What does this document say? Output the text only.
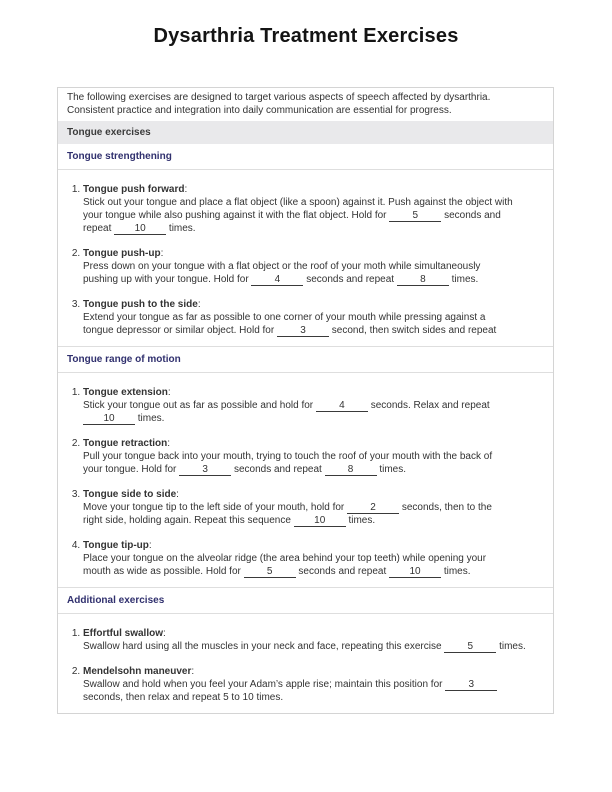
Dysarthria Treatment Exercises
The following exercises are designed to target various aspects of speech affected by dysarthria.
Consistent practice and integration into daily communication are essential for progress.
Tongue exercises
Tongue strengthening
1. Tongue push forward:
Stick out your tongue and place a flat object (like a spoon) against it. Push against the object with
your tongue while also pushing against it with the flat object. Hold for 5 seconds and
repeat 10 times.
2. Tongue push-up:
Press down on your tongue with a flat object or the roof of your moth while simultaneously
pushing up with your tongue. Hold for 4 seconds and repeat 8 times.
3. Tongue push to the side:
Extend your tongue as far as possible to one corner of your mouth while pressing against a
tongue depressor or similar object. Hold for 3 second, then switch sides and repeat
Tongue range of motion
1. Tongue extension:
Stick your tongue out as far as possible and hold for 4 seconds. Relax and repeat
10 times.
2. Tongue retraction:
Pull your tongue back into your mouth, trying to touch the roof of your mouth with the back of
your tongue. Hold for 3 seconds and repeat 8 times.
3. Tongue side to side:
Move your tongue tip to the left side of your mouth, hold for 2 seconds, then to the
right side, holding again. Repeat this sequence 10 times.
4. Tongue tip-up:
Place your tongue on the alveolar ridge (the area behind your top teeth) while opening your
mouth as wide as possible. Hold for 5 seconds and repeat 10 times.
Additional exercises
1. Effortful swallow:
Swallow hard using all the muscles in your neck and face, repeating this exercise 5 times.
2. Mendelsohn maneuver:
Swallow and hold when you feel your Adam’s apple rise; maintain this position for 3
seconds, then relax and repeat 5 to 10 times.
